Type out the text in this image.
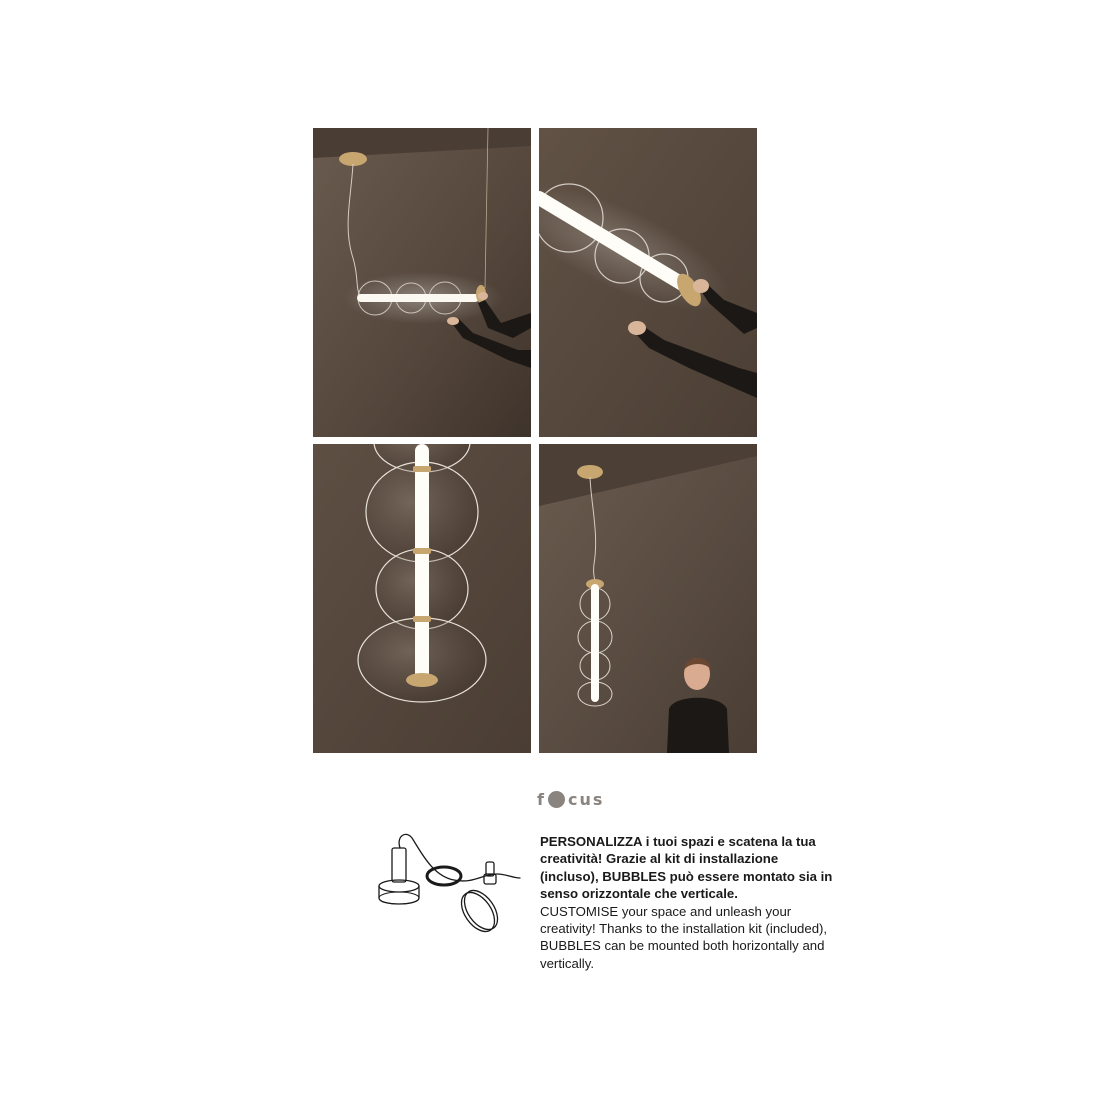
f cus

PERSONALIZZA i tuoi spazi e scatena la tua creatività! Grazie al kit di installazione (incluso), BUBBLES può essere montato sia in senso orizzontale che verticale.

CUSTOMISE your space and unleash your creativity! Thanks to the installation kit (included), BUBBLES can be mounted both horizontally and vertically.
